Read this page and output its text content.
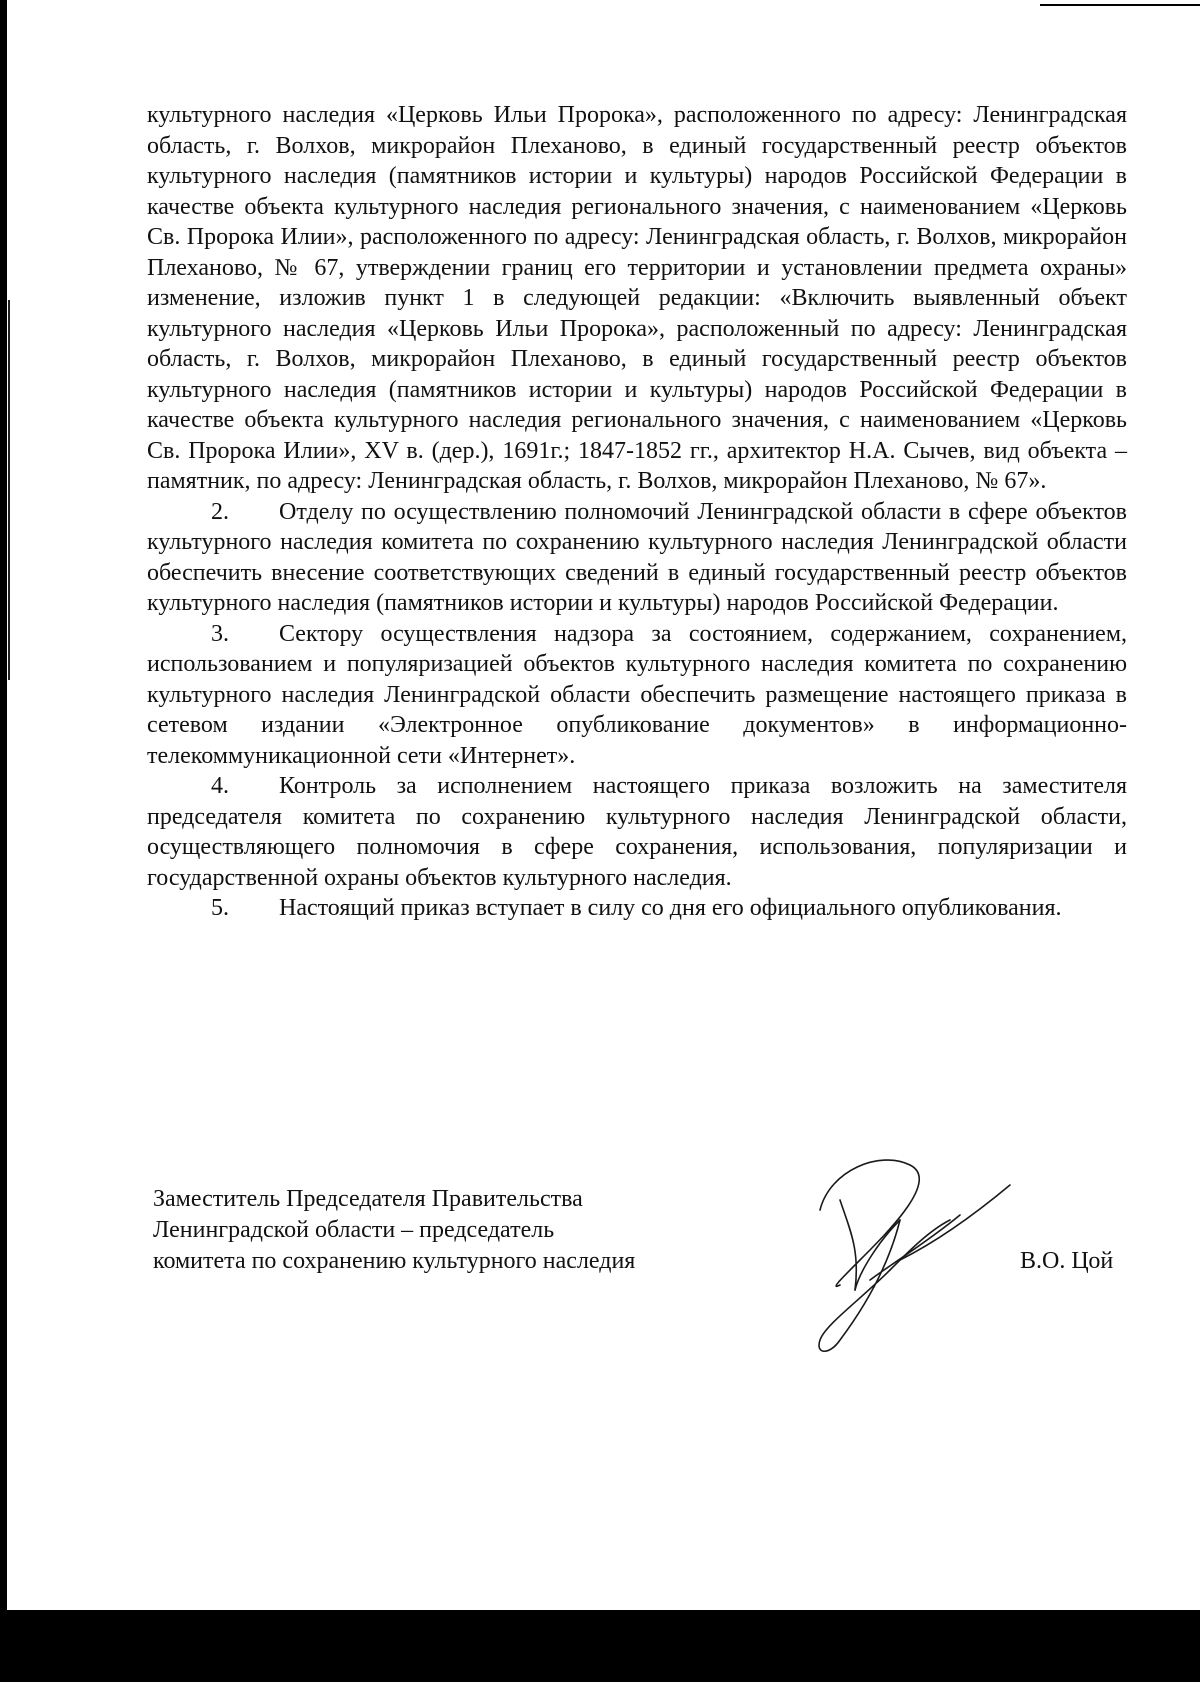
культурного наследия «Церковь Ильи Пророка», расположенного по адресу: Ленинградская область, г. Волхов, микрорайон Плеханово, в единый государственный реестр объектов культурного наследия (памятников истории и культуры) народов Российской Федерации в качестве объекта культурного наследия регионального значения, с наименованием «Церковь Св. Пророка Илии», расположенного по адресу: Ленинградская область, г. Волхов, микрорайон Плеханово, № 67, утверждении границ его территории и установлении предмета охраны» изменение, изложив пункт 1 в следующей редакции: «Включить выявленный объект культурного наследия «Церковь Ильи Пророка», расположенный по адресу: Ленинградская область, г. Волхов, микрорайон Плеханово, в единый государственный реестр объектов культурного наследия (памятников истории и культуры) народов Российской Федерации в качестве объекта культурного наследия регионального значения, с наименованием «Церковь Св. Пророка Илии», XV в. (дер.), 1691г.; 1847-1852 гг., архитектор Н.А. Сычев, вид объекта – памятник, по адресу: Ленинградская область, г. Волхов, микрорайон Плеханово, № 67».

2. Отделу по осуществлению полномочий Ленинградской области в сфере объектов культурного наследия комитета по сохранению культурного наследия Ленинградской области обеспечить внесение соответствующих сведений в единый государственный реестр объектов культурного наследия (памятников истории и культуры) народов Российской Федерации.

3. Сектору осуществления надзора за состоянием, содержанием, сохранением, использованием и популяризацией объектов культурного наследия комитета по сохранению культурного наследия Ленинградской области обеспечить размещение настоящего приказа в сетевом издании «Электронное опубликование документов» в информационно-телекоммуникационной сети «Интернет».

4. Контроль за исполнением настоящего приказа возложить на заместителя председателя комитета по сохранению культурного наследия Ленинградской области, осуществляющего полномочия в сфере сохранения, использования, популяризации и государственной охраны объектов культурного наследия.

5. Настоящий приказ вступает в силу со дня его официального опубликования.

Заместитель Председателя Правительства
Ленинградской области – председатель
комитета по сохранению культурного наследия	В.О. Цой
